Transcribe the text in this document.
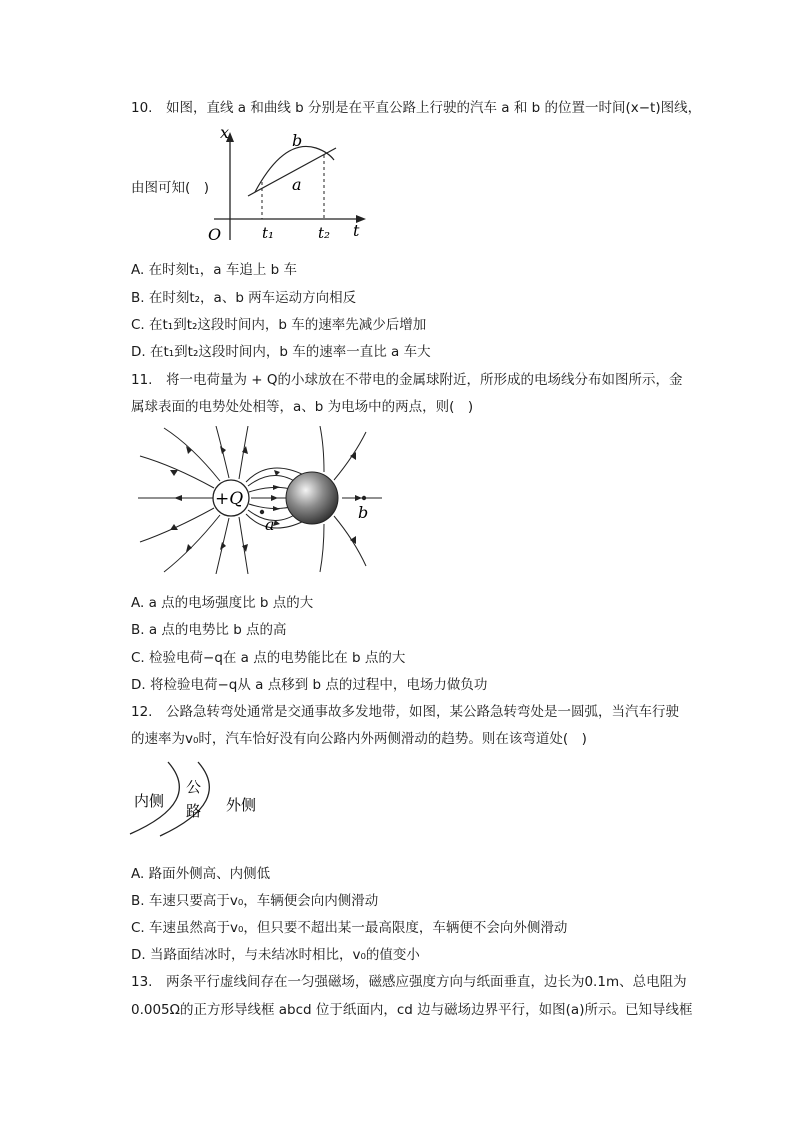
10.　如图，直线 a 和曲线 b 分别是在平直公路上行驶的汽车 a 和 b 的位置一时间(x−t)图线，
由图可知(　)
x
O	t
t₁	t₂
b
a
A. 在时刻t₁，a 车追上 b 车
B. 在时刻t₂，a、b 两车运动方向相反
C. 在t₁到t₂这段时间内，b 车的速率先减少后增加
D. 在t₁到t₂这段时间内，b 车的速率一直比 a 车大
11.　将一电荷量为 + Q的小球放在不带电的金属球附近，所形成的电场线分布如图所示，金
属球表面的电势处处相等，a、b 为电场中的两点，则(　)
+Q
a
b
A. a 点的电场强度比 b 点的大
B. a 点的电势比 b 点的高
C. 检验电荷−q在 a 点的电势能比在 b 点的大
D. 将检验电荷−q从 a 点移到 b 点的过程中，电场力做负功
12.　公路急转弯处通常是交通事故多发地带，如图，某公路急转弯处是一圆弧，当汽车行驶
的速率为v₀时，汽车恰好没有向公路内外两侧滑动的趋势。则在该弯道处(　)
内侧
公
路 外侧
A. 路面外侧高、内侧低
B. 车速只要高于v₀，车辆便会向内侧滑动
C. 车速虽然高于v₀，但只要不超出某一最高限度，车辆便不会向外侧滑动
D. 当路面结冰时，与未结冰时相比，v₀的值变小
13.　两条平行虚线间存在一匀强磁场，磁感应强度方向与纸面垂直，边长为0.1m、总电阻为
0.005Ω的正方形导线框 abcd 位于纸面内，cd 边与磁场边界平行，如图(a)所示。已知导线框
